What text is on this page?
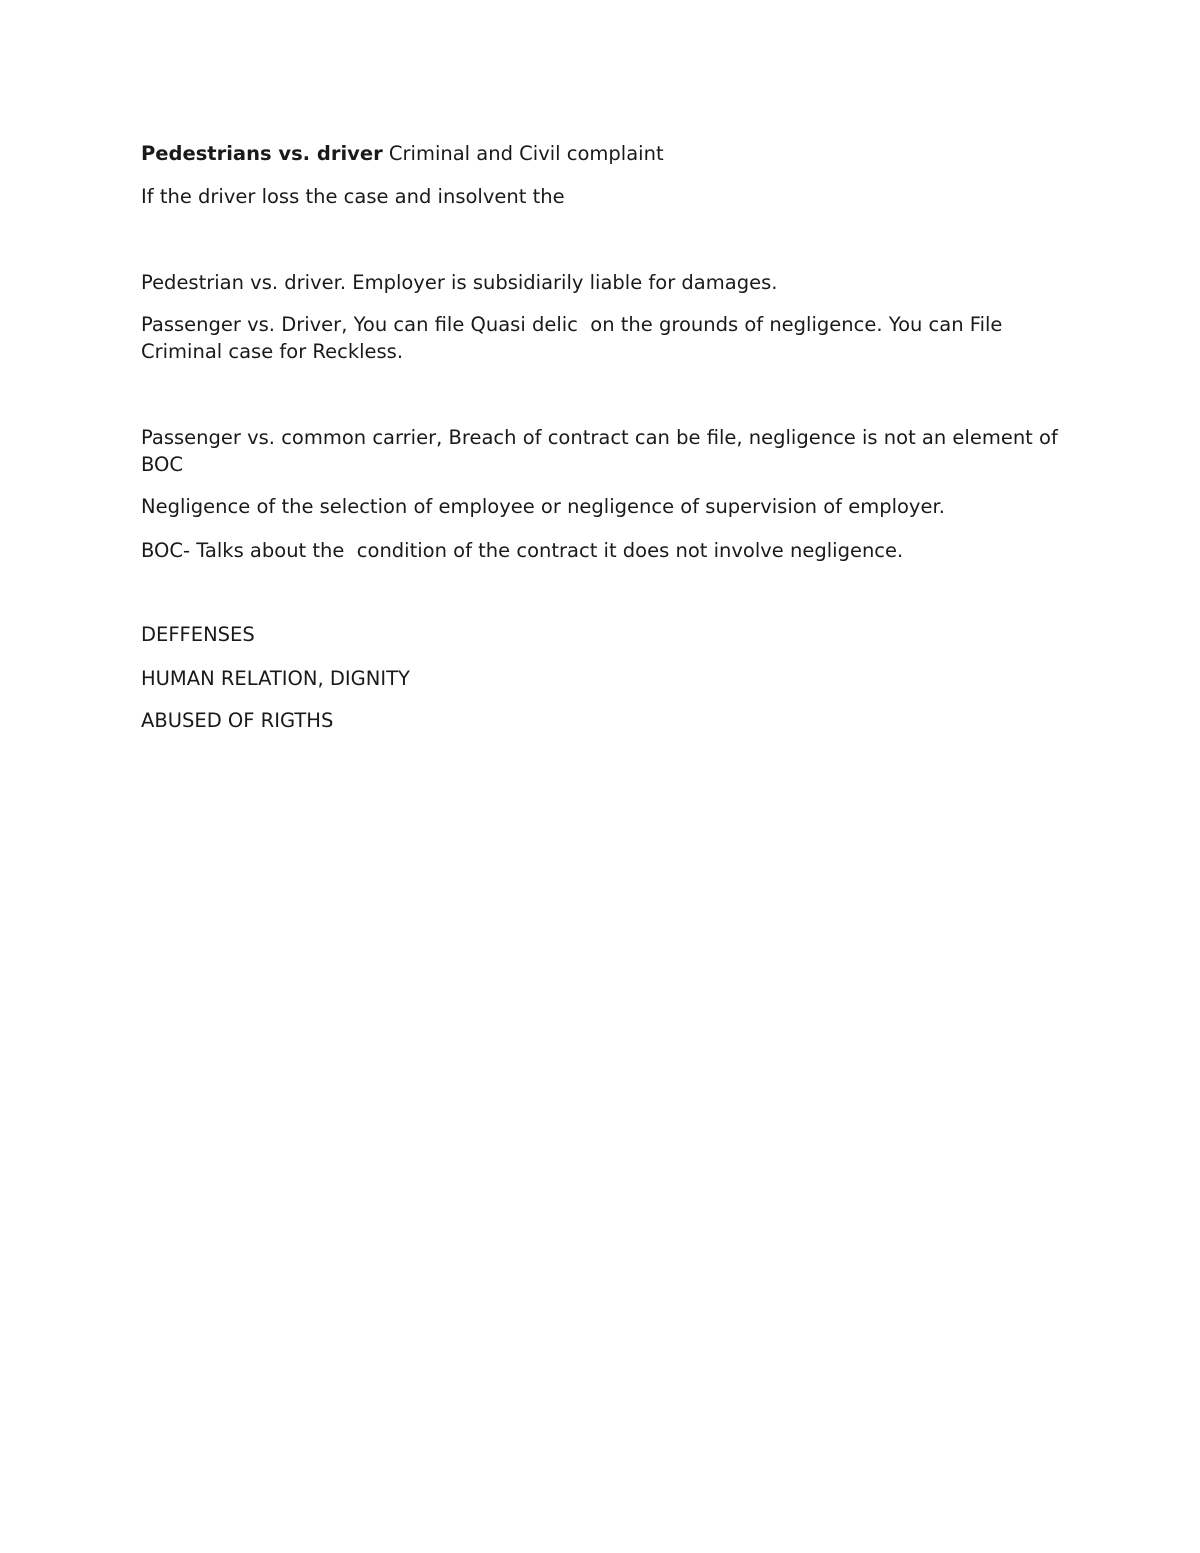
Pedestrians vs. driver Criminal and Civil complaint

If the driver loss the case and insolvent the

Pedestrian vs. driver. Employer is subsidiarily liable for damages.

Passenger vs. Driver, You can file Quasi delic  on the grounds of negligence. You can File Criminal case for Reckless.

Passenger vs. common carrier, Breach of contract can be file, negligence is not an element of BOC

Negligence of the selection of employee or negligence of supervision of employer.

BOC- Talks about the  condition of the contract it does not involve negligence.

DEFFENSES

HUMAN RELATION, DIGNITY

ABUSED OF RIGTHS
